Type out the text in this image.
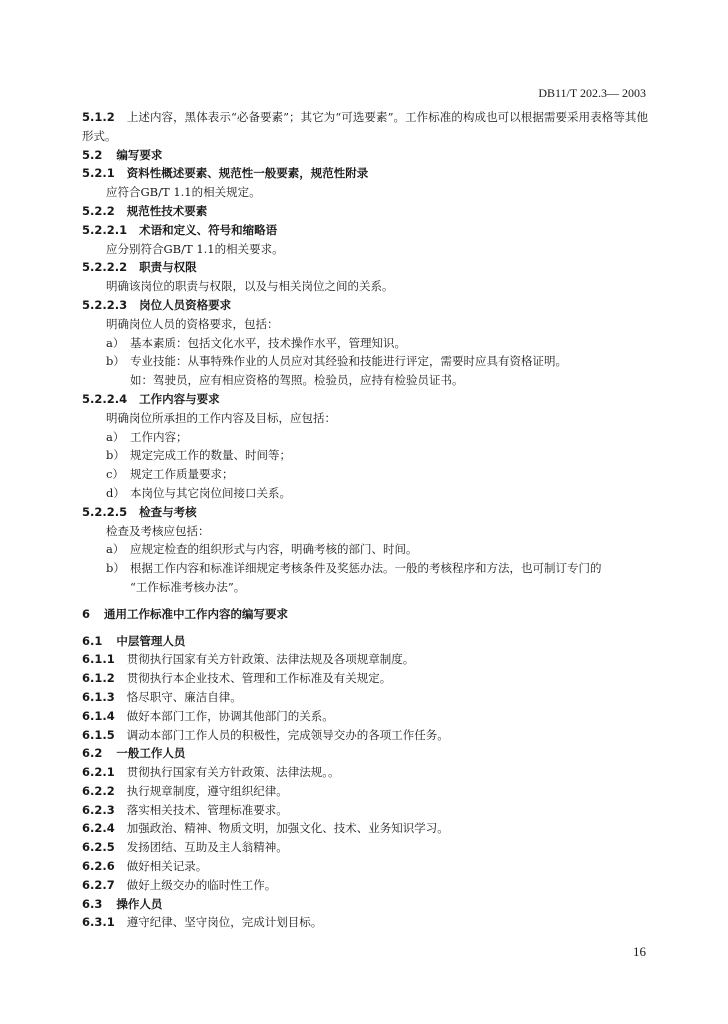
DB11/T 202.3— 2003
5.1.2 上述内容，黑体表示“必备要素”；其它为“可选要素”。工作标准的构成也可以根据需要采用表格等其他形式。
5.2 编写要求
5.2.1 资料性概述要素、规范性一般要素，规范性附录
应符合GB/T 1.1的相关规定。
5.2.2 规范性技术要素
5.2.2.1 术语和定义、符号和缩略语
应分别符合GB/T 1.1的相关要求。
5.2.2.2 职责与权限
明确该岗位的职责与权限，以及与相关岗位之间的关系。
5.2.2.3 岗位人员资格要求
明确岗位人员的资格要求，包括：
a） 基本素质：包括文化水平，技术操作水平，管理知识。
b） 专业技能：从事特殊作业的人员应对其经验和技能进行评定，需要时应具有资格证明。
如：驾驶员，应有相应资格的驾照。检验员，应持有检验员证书。
5.2.2.4 工作内容与要求
明确岗位所承担的工作内容及目标，应包括：
a） 工作内容；
b） 规定完成工作的数量、时间等；
c） 规定工作质量要求；
d） 本岗位与其它岗位间接口关系。
5.2.2.5 检查与考核
检查及考核应包括：
a） 应规定检查的组织形式与内容，明确考核的部门、时间。
b） 根据工作内容和标准详细规定考核条件及奖惩办法。一般的考核程序和方法，也可制订专门的
“工作标准考核办法”。
6 通用工作标准中工作内容的编写要求
6.1 中层管理人员
6.1.1 贯彻执行国家有关方针政策、法律法规及各项规章制度。
6.1.2 贯彻执行本企业技术、管理和工作标准及有关规定。
6.1.3 恪尽职守、廉洁自律。
6.1.4 做好本部门工作，协调其他部门的关系。
6.1.5 调动本部门工作人员的积极性，完成领导交办的各项工作任务。
6.2 一般工作人员
6.2.1 贯彻执行国家有关方针政策、法律法规。。
6.2.2 执行规章制度，遵守组织纪律。
6.2.3 落实相关技术、管理标准要求。
6.2.4 加强政治、精神、物质文明，加强文化、技术、业务知识学习。
6.2.5 发扬团结、互助及主人翁精神。
6.2.6 做好相关记录。
6.2.7 做好上级交办的临时性工作。
6.3 操作人员
6.3.1 遵守纪律、坚守岗位，完成计划目标。
16
